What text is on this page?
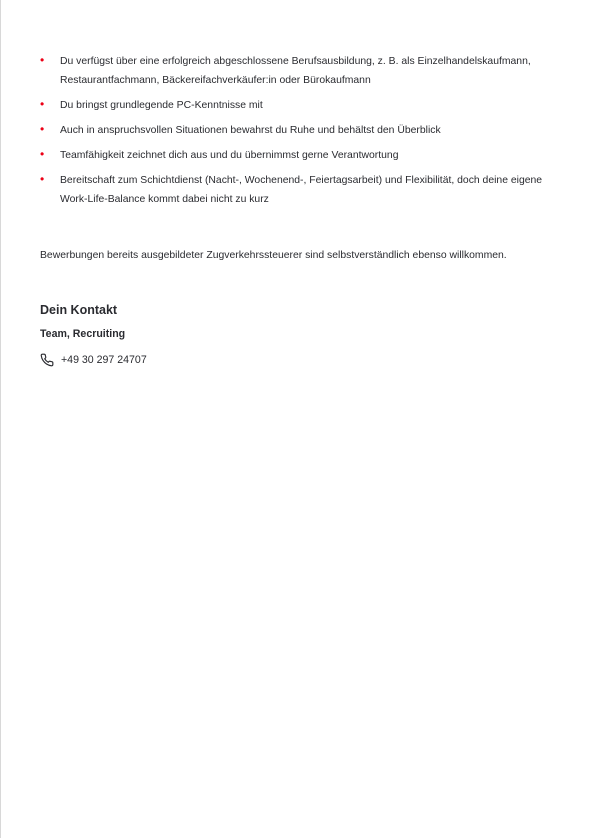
• Du verfügst über eine erfolgreich abgeschlossene Berufsausbildung, z. B. als Einzelhandelskaufmann, Restaurantfachmann, Bäckereifachverkäufer:in oder Bürokaufmann
• Du bringst grundlegende PC-Kenntnisse mit
• Auch in anspruchsvollen Situationen bewahrst du Ruhe und behältst den Überblick
• Teamfähigkeit zeichnet dich aus und du übernimmst gerne Verantwortung
• Bereitschaft zum Schichtdienst (Nacht-, Wochenend-, Feiertagsarbeit) und Flexibilität, doch deine eigene Work-Life-Balance kommt dabei nicht zu kurz

Bewerbungen bereits ausgebildeter Zugverkehrssteuerer sind selbstverständlich ebenso willkommen.

Dein Kontakt

Team, Recruiting

+49 30 297 24707
